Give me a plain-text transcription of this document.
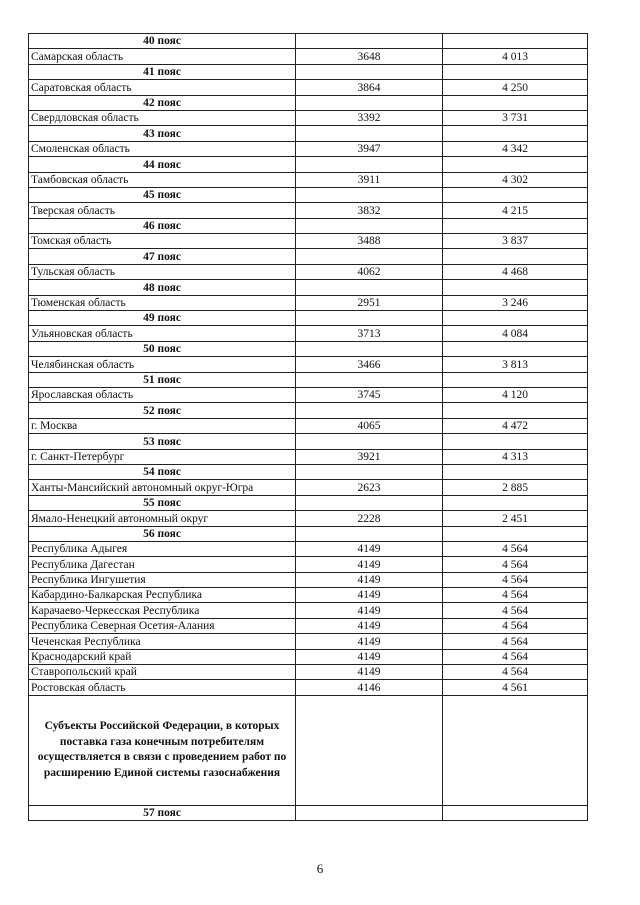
40 пояс		
Самарская область	3648	4 013
41 пояс		
Саратовская область	3864	4 250
42 пояс		
Свердловская область	3392	3 731
43 пояс		
Смоленская область	3947	4 342
44 пояс		
Тамбовская область	3911	4 302
45 пояс		
Тверская область	3832	4 215
46 пояс		
Томская область	3488	3 837
47 пояс		
Тульская область	4062	4 468
48 пояс		
Тюменская область	2951	3 246
49 пояс		
Ульяновская область	3713	4 084
50 пояс		
Челябинская область	3466	3 813
51 пояс		
Ярославская область	3745	4 120
52 пояс		
г. Москва	4065	4 472
53 пояс		
г. Санкт-Петербург	3921	4 313
54 пояс		
Ханты-Мансийский автономный округ-Югра	2623	2 885
55 пояс		
Ямало-Ненецкий автономный округ	2228	2 451
56 пояс		
Республика Адыгея	4149	4 564
Республика Дагестан	4149	4 564
Республика Ингушетия	4149	4 564
Кабардино-Балкарская Республика	4149	4 564
Карачаево-Черкесская Республика	4149	4 564
Республика Северная Осетия-Алания	4149	4 564
Чеченская Республика	4149	4 564
Краснодарский край	4149	4 564
Ставропольский край	4149	4 564
Ростовская область	4146	4 561
Субъекты Российской Федерации, в которых поставка газа конечным потребителям осуществляется в связи с проведением работ по расширению Единой системы газоснабжения		
57 пояс		
6
